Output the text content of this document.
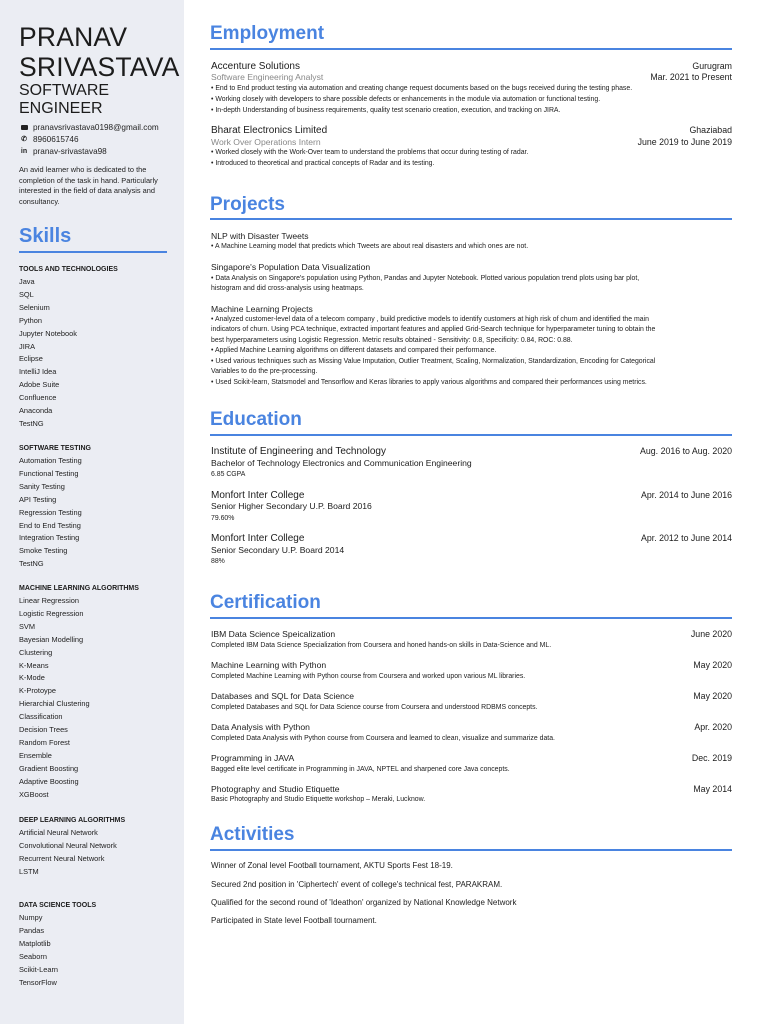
PRANAV
SRIVASTAVA
SOFTWARE
ENGINEER
pranavsrivastava0198@gmail.com
✆ 8960615746
in pranav-srivastava98
An avid learner who is dedicated to the completion of the task in hand. Particularly interested in the field of data analysis and consultancy.
Skills
TOOLS AND TECHNOLOGIES
Java
SQL
Selenium
Python
Jupyter Notebook
JIRA
Eclipse
IntelliJ Idea
Adobe Suite
Confluence
Anaconda
TestNG
SOFTWARE TESTING
Automation Testing
Functional Testing
Sanity Testing
API Testing
Regression Testing
End to End Testing
Integration Testing
Smoke Testing
TestNG
MACHINE LEARNING ALGORITHMS
Linear Regression
Logistic Regression
SVM
Bayesian Modelling
Clustering
K-Means
K-Mode
K-Protoype
Hierarchial Clustering
Classification
Decision Trees
Random Forest
Ensemble
Gradient Boosting
Adaptive Boosting
XGBoost
DEEP LEARNING ALGORITHMS
Artificial Neural Network
Convolutional Neural Network
Recurrent Neural Network
LSTM
DATA SCIENCE TOOLS
Numpy
Pandas
Matplotlib
Seaborn
Scikit-Learn
TensorFlow
Employment
Accenture Solutions	Gurugram
Software Engineering Analyst	Mar. 2021 to Present
• End to End product testing via automation and creating change request documents based on the bugs received during the testing phase.
• Working closely with developers to share possible defects or enhancements in the module via automation or functional testing.
• In-depth Understanding of business requirements, quality test scenario creation, execution, and tracking on JIRA.
Bharat Electronics Limited	Ghaziabad
Work Over Operations Intern	June 2019 to June 2019
• Worked closely with the Work-Over team to understand the problems that occur during testing of radar.
• Introduced to theoretical and practical concepts of Radar and its testing.
Projects
NLP with Disaster Tweets
• A Machine Learning model that predicts which Tweets are about real disasters and which ones are not.
Singapore's Population Data Visualization
• Data Analysis on Singapore's population using Python, Pandas and Jupyter Notebook. Plotted various population trend plots using bar plot,
histogram and did cross-analysis using heatmaps.
Machine Learning Projects
• Analyzed customer-level data of a telecom company , build predictive models to identify customers at high risk of churn and identified the main
indicators of churn. Using PCA technique, extracted important features and applied Grid-Search technique for hyperparameter tuning to obtain the
best hyperparameters using Logistic Regression. Metric results obtained - Sensitivity: 0.8, Specificity: 0.84, ROC: 0.88.
• Applied Machine Learning algorithms on different datasets and compared their performance.
• Used various techniques such as Missing Value Imputation, Outlier Treatment, Scaling, Normalization, Standardization, Encoding for Categorical
Variables to do the pre-processing.
• Used Scikit-learn, Statsmodel and Tensorflow and Keras libraries to apply various algorithms and compared their performances using metrics.
Education
Institute of Engineering and Technology	Aug. 2016 to Aug. 2020
Bachelor of Technology Electronics and Communication Engineering
6.85 CGPA
Monfort Inter College	Apr. 2014 to June 2016
Senior Higher Secondary U.P. Board 2016
79.60%
Monfort Inter College	Apr. 2012 to June 2014
Senior Secondary U.P. Board 2014
88%
Certification
IBM Data Science Speicalization	June 2020
Completed IBM Data Science Specialization from Coursera and honed hands-on skills in Data-Science and ML.
Machine Learning with Python	May 2020
Completed Machine Learning with Python course from Coursera and worked upon various ML libraries.
Databases and SQL for Data Science	May 2020
Completed Databases and SQL for Data Science course from Coursera and understood RDBMS concepts.
Data Analysis with Python	Apr. 2020
Completed Data Analysis with Python course from Coursera and learned to clean, visualize and summarize data.
Programming in JAVA	Dec. 2019
Bagged elite level certificate in Programming in JAVA, NPTEL and sharpened core Java concepts.
Photography and Studio Etiquette	May 2014
Basic Photography and Studio Etiquette workshop – Meraki, Lucknow.
Activities
Winner of Zonal level Football tournament, AKTU Sports Fest 18-19.
Secured 2nd position in 'Ciphertech' event of college's technical fest, PARAKRAM.
Qualified for the second round of 'Ideathon' organized by National Knowledge Network
Participated in State level Football tournament.
